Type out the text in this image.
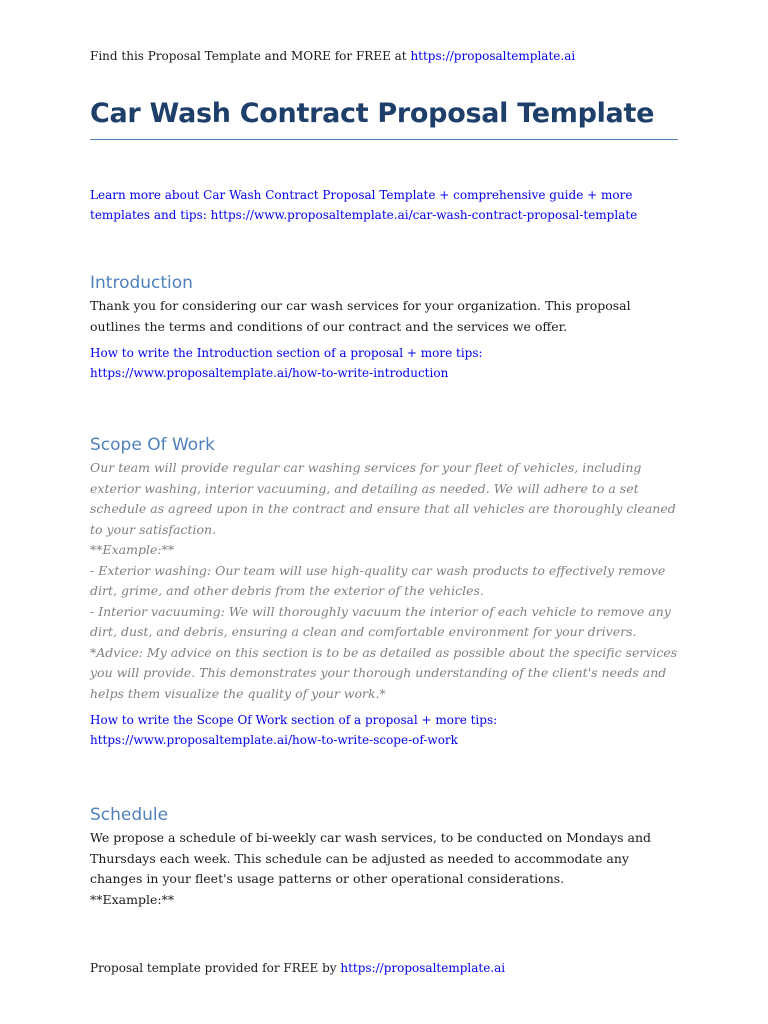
Find this Proposal Template and MORE for FREE at https://proposaltemplate.ai
Car Wash Contract Proposal Template
Learn more about Car Wash Contract Proposal Template + comprehensive guide + more templates and tips: https://www.proposaltemplate.ai/car-wash-contract-proposal-template
Introduction

Thank you for considering our car wash services for your organization. This proposal outlines the terms and conditions of our contract and the services we offer.

How to write the Introduction section of a proposal + more tips:
https://www.proposaltemplate.ai/how-to-write-introduction
Scope Of Work

Our team will provide regular car washing services for your fleet of vehicles, including exterior washing, interior vacuuming, and detailing as needed. We will adhere to a set schedule as agreed upon in the contract and ensure that all vehicles are thoroughly cleaned to your satisfaction.

**Example:**

- Exterior washing: Our team will use high-quality car wash products to effectively remove dirt, grime, and other debris from the exterior of the vehicles.

- Interior vacuuming: We will thoroughly vacuum the interior of each vehicle to remove any dirt, dust, and debris, ensuring a clean and comfortable environment for your drivers.

*Advice: My advice on this section is to be as detailed as possible about the specific services you will provide. This demonstrates your thorough understanding of the client's needs and helps them visualize the quality of your work.*

How to write the Scope Of Work section of a proposal + more tips:
https://www.proposaltemplate.ai/how-to-write-scope-of-work
Schedule

We propose a schedule of bi-weekly car wash services, to be conducted on Mondays and Thursdays each week. This schedule can be adjusted as needed to accommodate any changes in your fleet's usage patterns or other operational considerations.

**Example:**

Proposal template provided for FREE by https://proposaltemplate.ai
